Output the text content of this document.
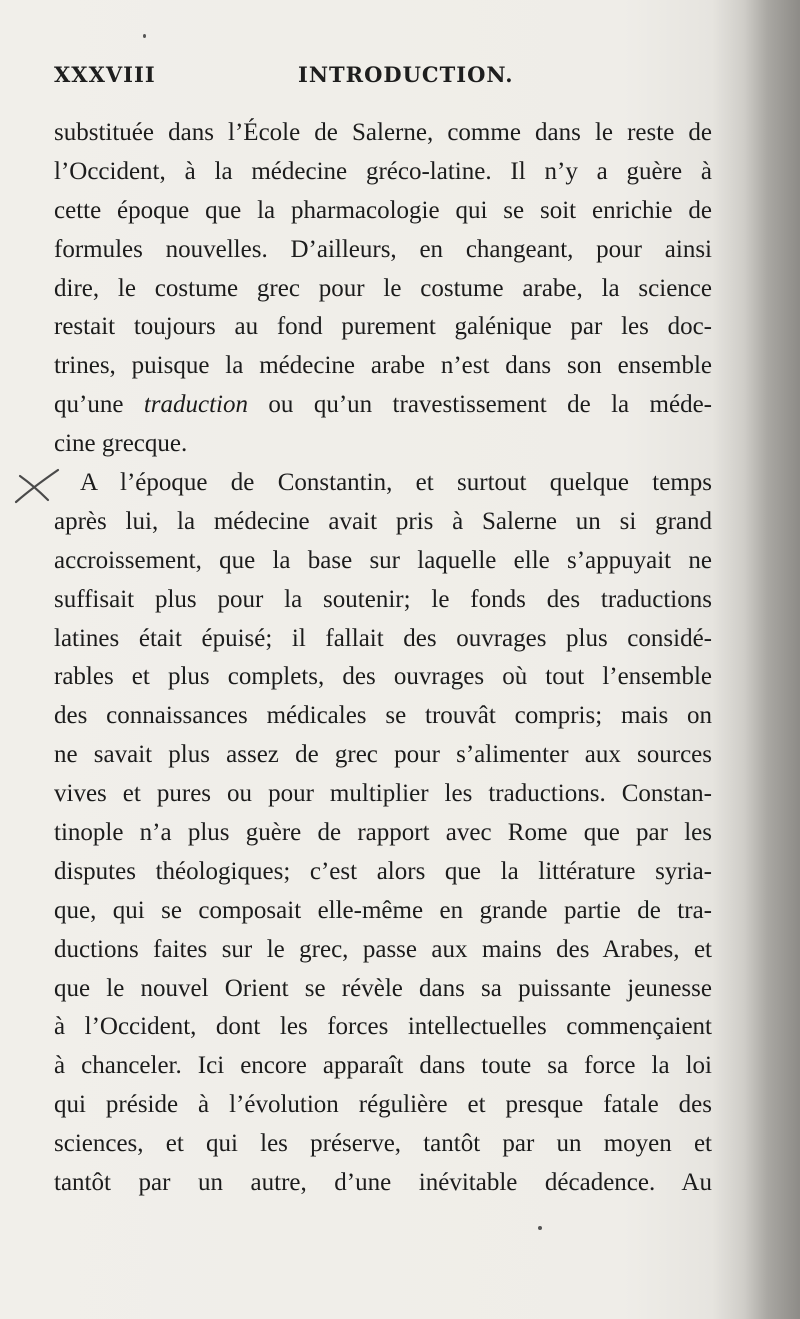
XXXVIII	INTRODUCTION.
substituée dans l’École de Salerne, comme dans le reste de
l’Occident, à la médecine gréco-latine. Il n’y a guère à
cette époque que la pharmacologie qui se soit enrichie de
formules nouvelles. D’ailleurs, en changeant, pour ainsi
dire, le costume grec pour le costume arabe, la science
restait toujours au fond purement galénique par les doc-
trines, puisque la médecine arabe n’est dans son ensemble
qu’une traduction ou qu’un travestissement de la méde-
cine grecque.
A l’époque de Constantin, et surtout quelque temps
après lui, la médecine avait pris à Salerne un si grand
accroissement, que la base sur laquelle elle s’appuyait ne
suffisait plus pour la soutenir; le fonds des traductions
latines était épuisé; il fallait des ouvrages plus considé-
rables et plus complets, des ouvrages où tout l’ensemble
des connaissances médicales se trouvât compris; mais on
ne savait plus assez de grec pour s’alimenter aux sources
vives et pures ou pour multiplier les traductions. Constan-
tinople n’a plus guère de rapport avec Rome que par les
disputes théologiques; c’est alors que la littérature syria-
que, qui se composait elle-même en grande partie de tra-
ductions faites sur le grec, passe aux mains des Arabes, et
que le nouvel Orient se révèle dans sa puissante jeunesse
à l’Occident, dont les forces intellectuelles commençaient
à chanceler. Ici encore apparaît dans toute sa force la loi
qui préside à l’évolution régulière et presque fatale des
sciences, et qui les préserve, tantôt par un moyen et
tantôt par un autre, d’une inévitable décadence. Au
